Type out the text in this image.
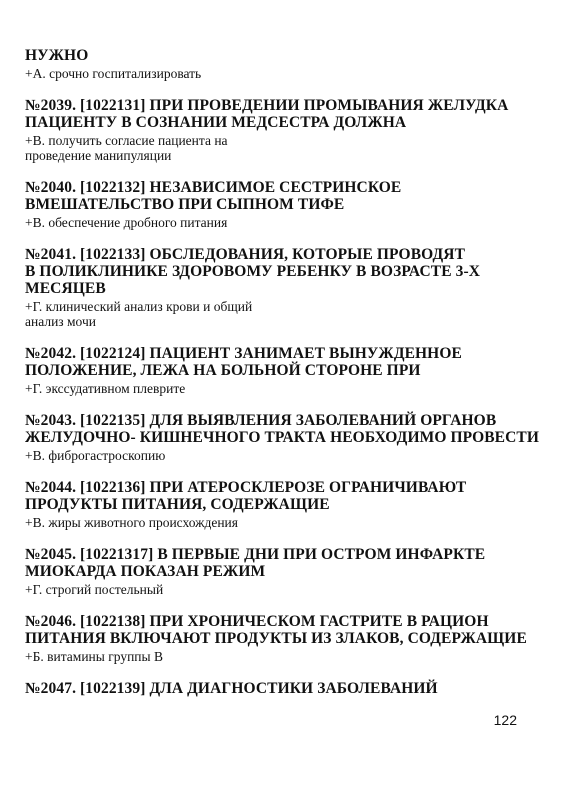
НУЖНО
+А. срочно госпитализировать
№2039. [1022131] ПРИ ПРОВЕДЕНИИ ПРОМЫВАНИЯ ЖЕЛУДКА
ПАЦИЕНТУ В СОЗНАНИИ МЕДСЕСТРА ДОЛЖНА
+В. получить согласие пациента на
проведение манипуляции
№2040. [1022132] НЕЗАВИСИМОЕ СЕСТРИНСКОЕ
ВМЕШАТЕЛЬСТВО ПРИ СЫПНОМ ТИФЕ
+В. обеспечение дробного питания
№2041. [1022133] ОБСЛЕДОВАНИЯ, КОТОРЫЕ ПРОВОДЯТ
В ПОЛИКЛИНИКЕ ЗДОРОВОМУ РЕБЕНКУ В ВОЗРАСТЕ 3-Х
МЕСЯЦЕВ
+Г. клинический анализ крови и общий
анализ мочи
№2042. [1022124] ПАЦИЕНТ ЗАНИМАЕТ ВЫНУЖДЕННОЕ
ПОЛОЖЕНИЕ, ЛЕЖА НА БОЛЬНОЙ СТОРОНЕ ПРИ
+Г. экссудативном плеврите
№2043. [1022135] ДЛЯ ВЫЯВЛЕНИЯ ЗАБОЛЕВАНИЙ ОРГАНОВ
ЖЕЛУДОЧНО- КИШНЕЧНОГО ТРАКТА НЕОБХОДИМО ПРОВЕСТИ
+В. фиброгастроскопию
№2044. [1022136] ПРИ АТЕРОСКЛЕРОЗЕ ОГРАНИЧИВАЮТ
ПРОДУКТЫ ПИТАНИЯ, СОДЕРЖАЩИЕ
+В. жиры животного происхождения
№2045. [10221317] В ПЕРВЫЕ ДНИ ПРИ ОСТРОМ ИНФАРКТЕ
МИОКАРДА ПОКАЗАН РЕЖИМ
+Г. строгий постельный
№2046. [1022138] ПРИ ХРОНИЧЕСКОМ ГАСТРИТЕ В РАЦИОН
ПИТАНИЯ ВКЛЮЧАЮТ ПРОДУКТЫ ИЗ ЗЛАКОВ, СОДЕРЖАЩИЕ
+Б. витамины группы В
№2047. [1022139] ДЛА ДИАГНОСТИКИ ЗАБОЛЕВАНИЙ
122
